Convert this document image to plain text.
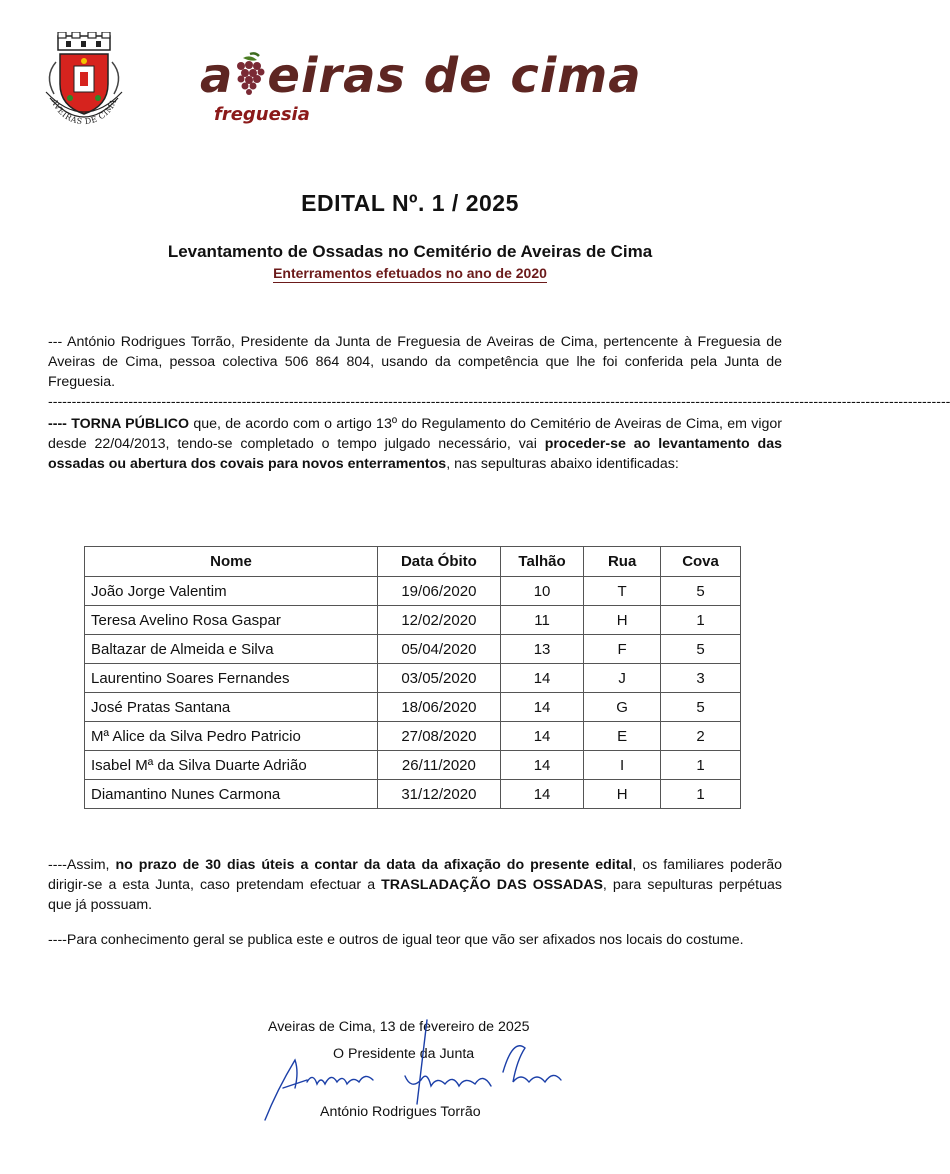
AVEIRAS DE CIMA a eiras de cima
freguesia
EDITAL Nº. 1 / 2025
Levantamento de Ossadas no Cemitério de Aveiras de Cima
Enterramentos efetuados no ano de 2020
--- António Rodrigues Torrão, Presidente da Junta de Freguesia de Aveiras de Cima, pertencente à Freguesia de Aveiras de Cima, pessoa colectiva 506 864 804, usando da competência que lhe foi conferida pela Junta de Freguesia. -----------------------------------------------------------------------------------------------------------------------------------------------------------------------------------------------
---- TORNA PÚBLICO que, de acordo com o artigo 13º do Regulamento do Cemitério de Aveiras de Cima, em vigor desde 22/04/2013, tendo-se completado o tempo julgado necessário, vai proceder-se ao levantamento das ossadas ou abertura dos covais para novos enterramentos, nas sepulturas abaixo identificadas:
Nome	Data Óbito	Talhão	Rua	Cova
João Jorge Valentim	19/06/2020	10	T	5
Teresa Avelino Rosa Gaspar	12/02/2020	11	H	1
Baltazar de Almeida e Silva	05/04/2020	13	F	5
Laurentino Soares Fernandes	03/05/2020	14	J	3
José Pratas Santana	18/06/2020	14	G	5
Mª Alice da Silva Pedro Patricio	27/08/2020	14	E	2
Isabel Mª da Silva Duarte Adrião	26/11/2020	14	I	1
Diamantino Nunes Carmona	31/12/2020	14	H	1
----Assim, no prazo de 30 dias úteis a contar da data da afixação do presente edital, os familiares poderão dirigir-se a esta Junta, caso pretendam efectuar a TRASLADAÇÃO DAS OSSADAS, para sepulturas perpétuas que já possuam.
----Para conhecimento geral se publica este e outros de igual teor que vão ser afixados nos locais do costume.
Aveiras de Cima, 13 de fevereiro de 2025
O Presidente da Junta
António Rodrigues Torrão
